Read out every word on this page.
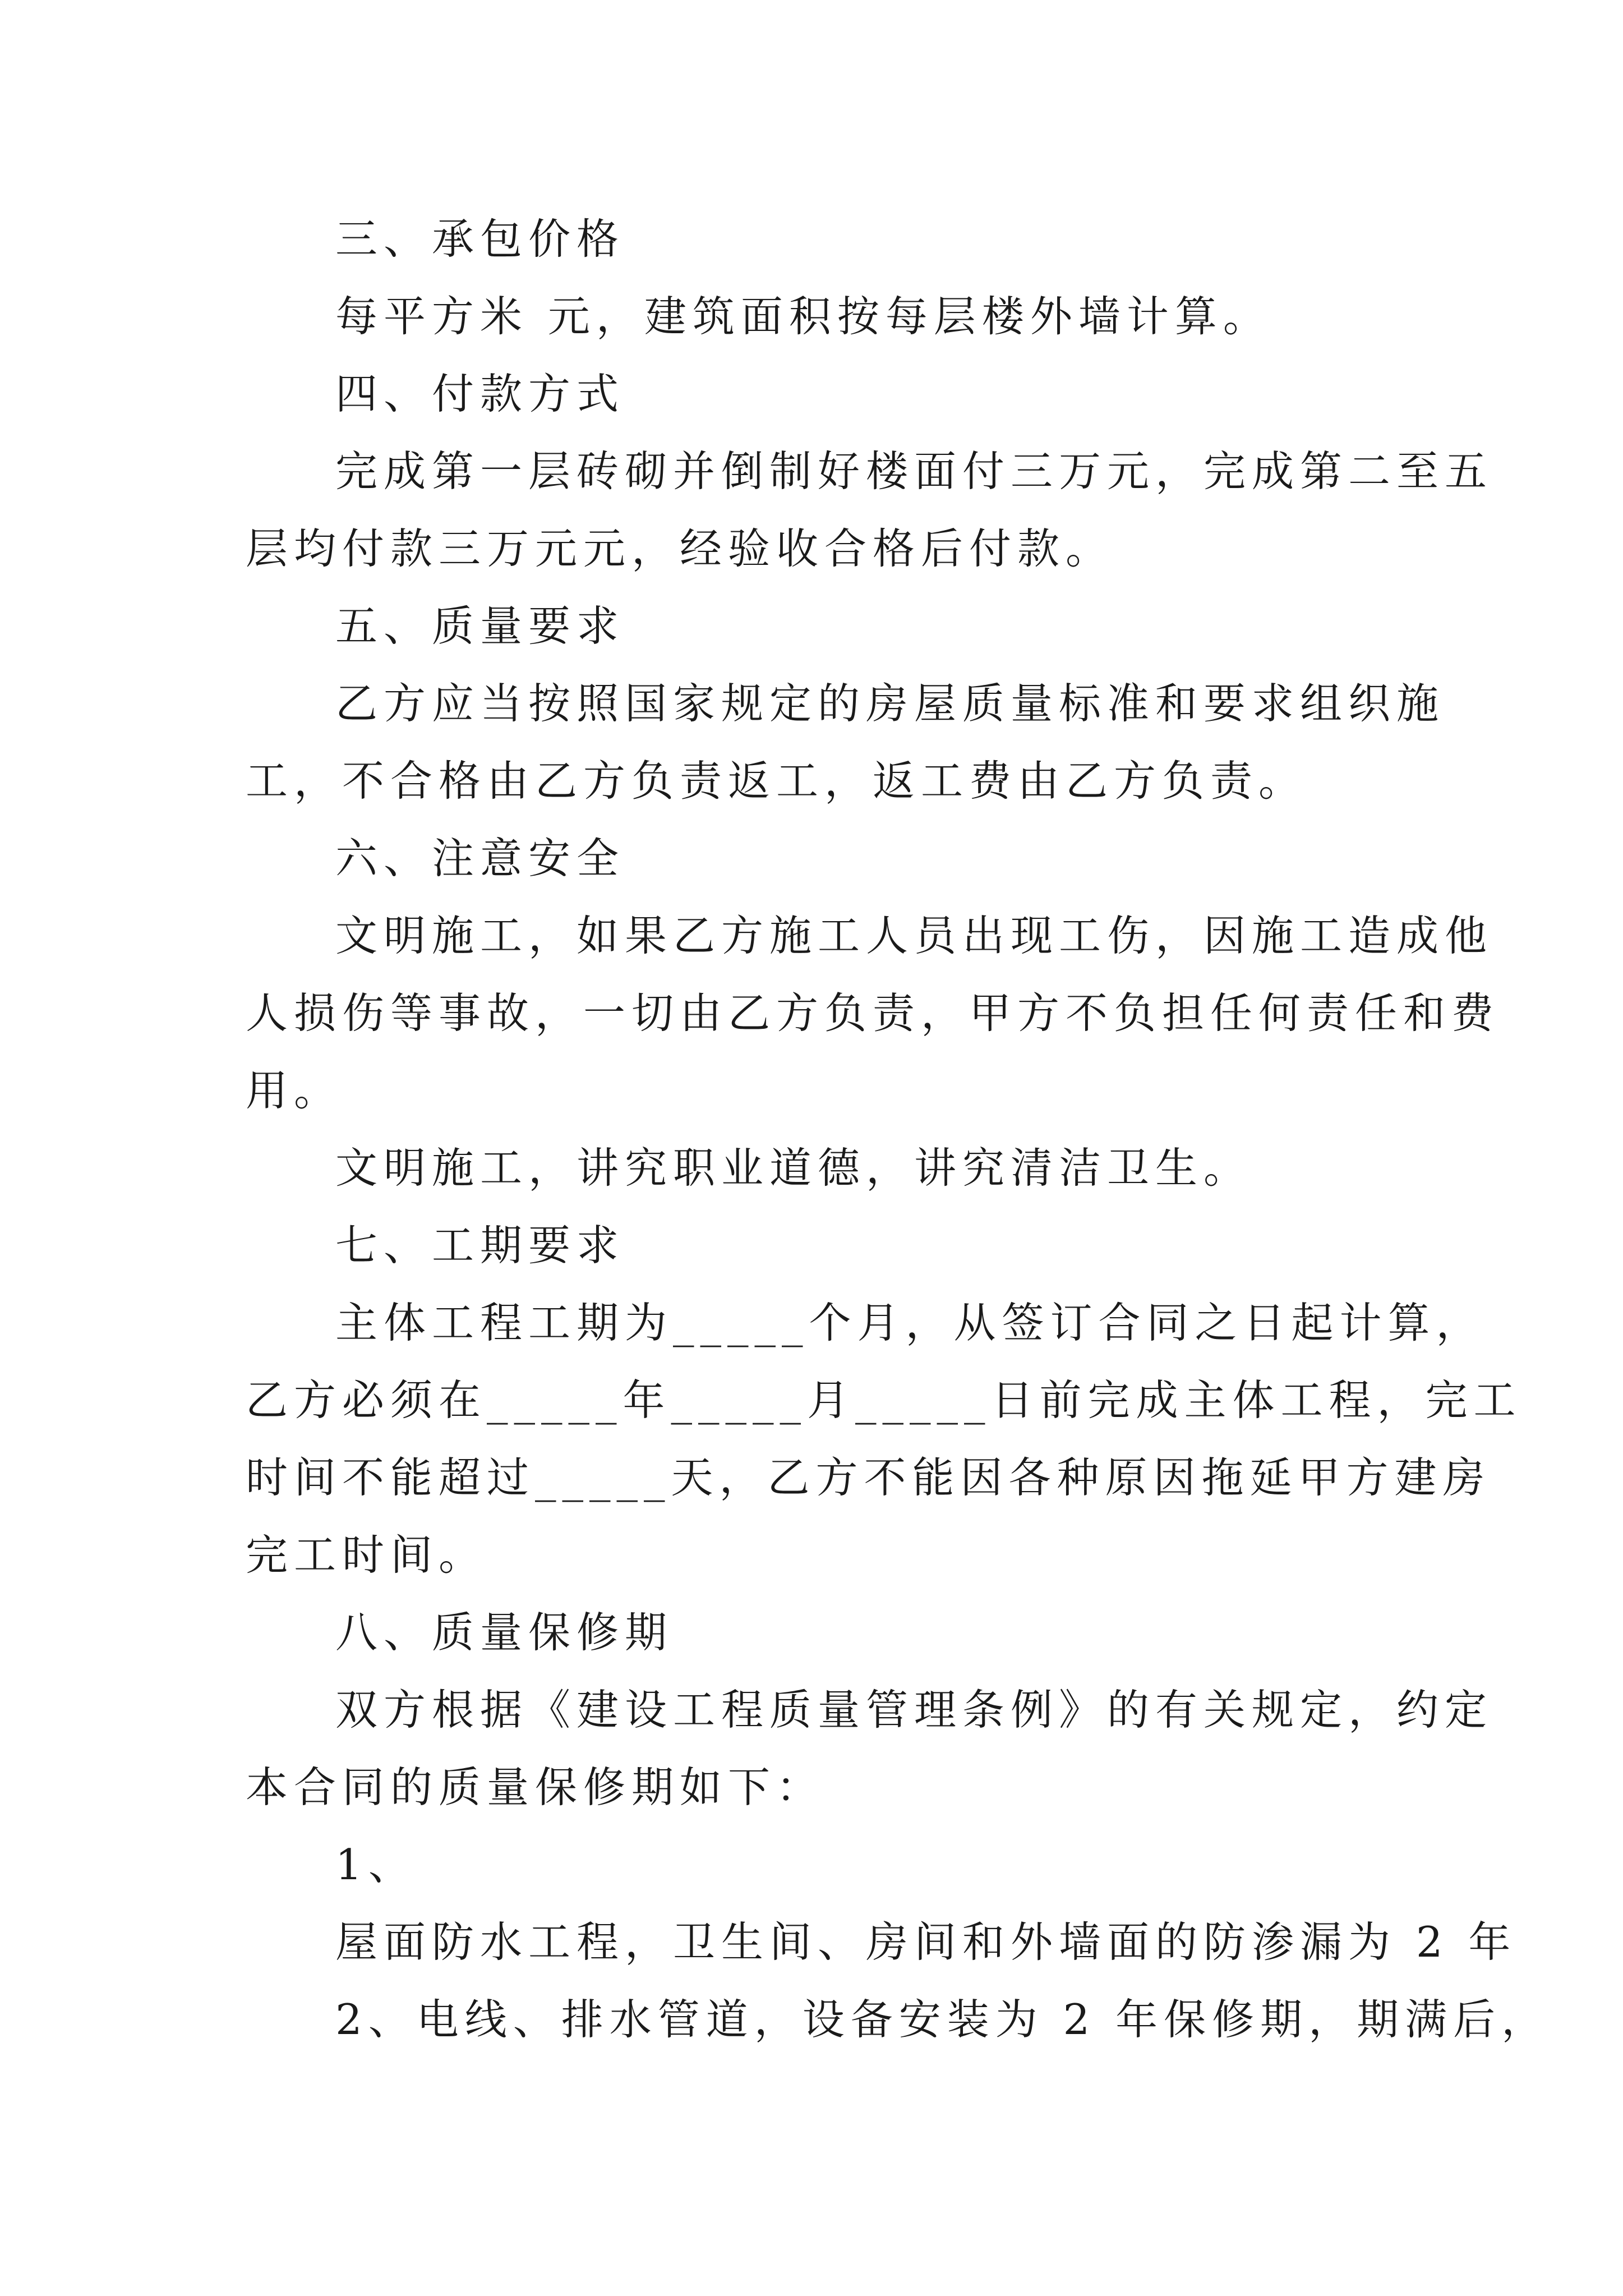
三、承包价格
每平方米 元，建筑面积按每层楼外墙计算。
四、付款方式
完成第一层砖砌并倒制好楼面付三万元，完成第二至五
层均付款三万元元，经验收合格后付款。
五、质量要求
乙方应当按照国家规定的房屋质量标准和要求组织施
工，不合格由乙方负责返工，返工费由乙方负责。
六、注意安全
文明施工，如果乙方施工人员出现工伤，因施工造成他
人损伤等事故，一切由乙方负责，甲方不负担任何责任和费
用。
文明施工，讲究职业道德，讲究清洁卫生。
七、工期要求
主体工程工期为_____个月，从签订合同之日起计算，
乙方必须在_____年_____月_____日前完成主体工程，完工
时间不能超过_____天，乙方不能因各种原因拖延甲方建房
完工时间。
八、质量保修期
双方根据《建设工程质量管理条例》的有关规定，约定
本合同的质量保修期如下：
1、
屋面防水工程，卫生间、房间和外墙面的防渗漏为 2 年
2、电线、排水管道，设备安装为 2 年保修期，期满后，
